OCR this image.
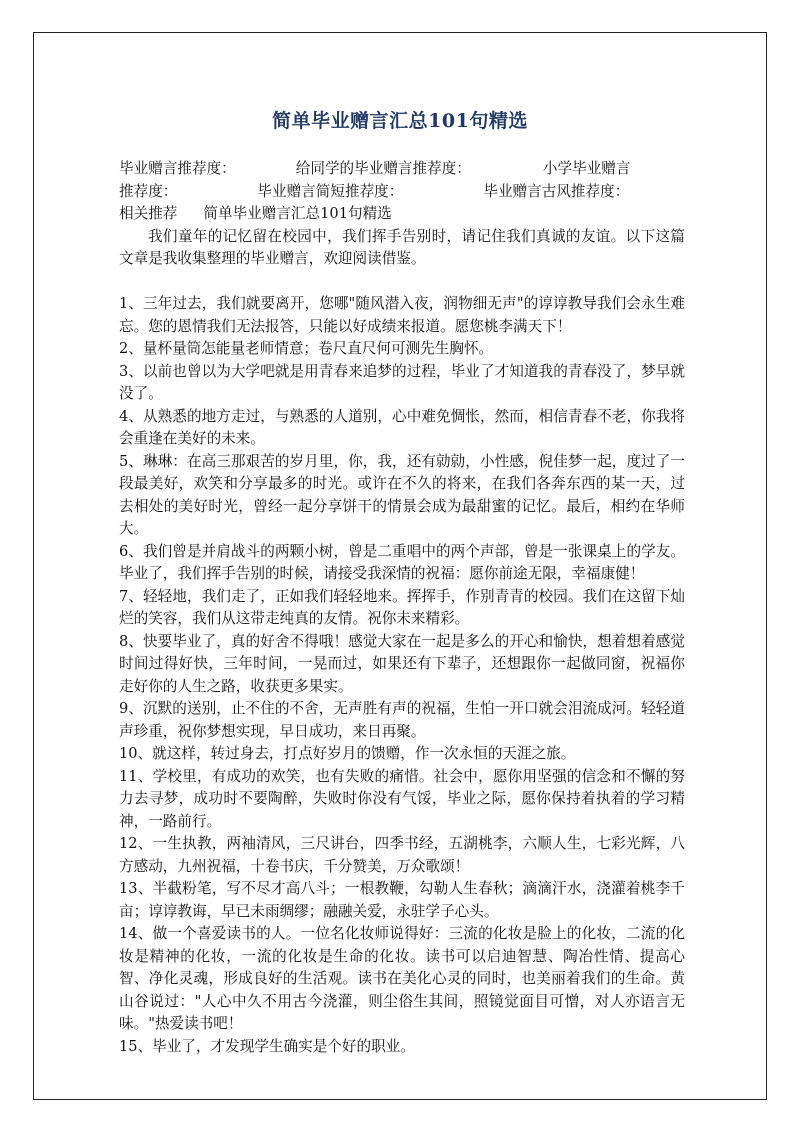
简单毕业赠言汇总101句精选

毕业赠言推荐度：	给同学的毕业赠言推荐度：	小学毕业赠言

推荐度：	毕业赠言简短推荐度：	毕业赠言古风推荐度：

相关推荐 简单毕业赠言汇总101句精选

我们童年的记忆留在校园中，我们挥手告别时，请记住我们真诚的友谊。以下这篇文章是我收集整理的毕业赠言，欢迎阅读借鉴。

1、三年过去，我们就要离开，您哪"随风潜入夜，润物细无声"的谆谆教导我们会永生难忘。您的恩情我们无法报答，只能以好成绩来报道。愿您桃李满天下！

2、量杯量筒怎能量老师情意；卷尺直尺何可测先生胸怀。

3、以前也曾以为大学吧就是用青春来追梦的过程，毕业了才知道我的青春没了，梦早就没了。

4、从熟悉的地方走过，与熟悉的人道别，心中难免惆怅，然而，相信青春不老，你我将会重逢在美好的未来。

5、琳琳：在高三那艰苦的岁月里，你，我，还有勍勍，小性感，倪佳梦一起，度过了一段最美好，欢笑和分享最多的时光。或许在不久的将来，在我们各奔东西的某一天，过去相处的美好时光，曾经一起分享饼干的情景会成为最甜蜜的记忆。最后，相约在华师大。

6、我们曾是并肩战斗的两颗小树，曾是二重唱中的两个声部，曾是一张课桌上的学友。毕业了，我们挥手告别的时候，请接受我深情的祝福：愿你前途无限，幸福康健！

7、轻轻地，我们走了，正如我们轻轻地来。挥挥手，作别青青的校园。我们在这留下灿烂的笑容，我们从这带走纯真的友情。祝你未来精彩。

8、快要毕业了，真的好舍不得哦！感觉大家在一起是多么的开心和愉快，想着想着感觉时间过得好快，三年时间，一晃而过，如果还有下辈子，还想跟你一起做同窗，祝福你走好你的人生之路，收获更多果实。

9、沉默的送别，止不住的不舍，无声胜有声的祝福，生怕一开口就会泪流成河。轻轻道声珍重，祝你梦想实现，早日成功，来日再聚。

10、就这样，转过身去，打点好岁月的馈赠，作一次永恒的天涯之旅。

11、学校里，有成功的欢笑，也有失败的痛惜。社会中，愿你用坚强的信念和不懈的努力去寻梦，成功时不要陶醉，失败时你没有气馁，毕业之际，愿你保持着执着的学习精神，一路前行。

12、一生执教，两袖清风，三尺讲台，四季书经，五湖桃李，六顺人生，七彩光辉，八方感动，九州祝福，十卷书庆，千分赞美，万众歌颂！

13、半截粉笔，写不尽才高八斗；一根教鞭，勾勒人生春秋；滴滴汗水，浇灌着桃李千亩；谆谆教诲，早已未雨绸缪；融融关爱，永驻学子心头。

14、做一个喜爱读书的人。一位名化妆师说得好：三流的化妆是脸上的化妆，二流的化妆是精神的化妆，一流的化妆是生命的化妆。读书可以启迪智慧、陶冶性情、提高心智、净化灵魂，形成良好的生活观。读书在美化心灵的同时，也美丽着我们的生命。黄山谷说过："人心中久不用古今浇灌，则尘俗生其间，照镜觉面目可憎，对人亦语言无味。"热爱读书吧！

15、毕业了，才发现学生确实是个好的职业。
